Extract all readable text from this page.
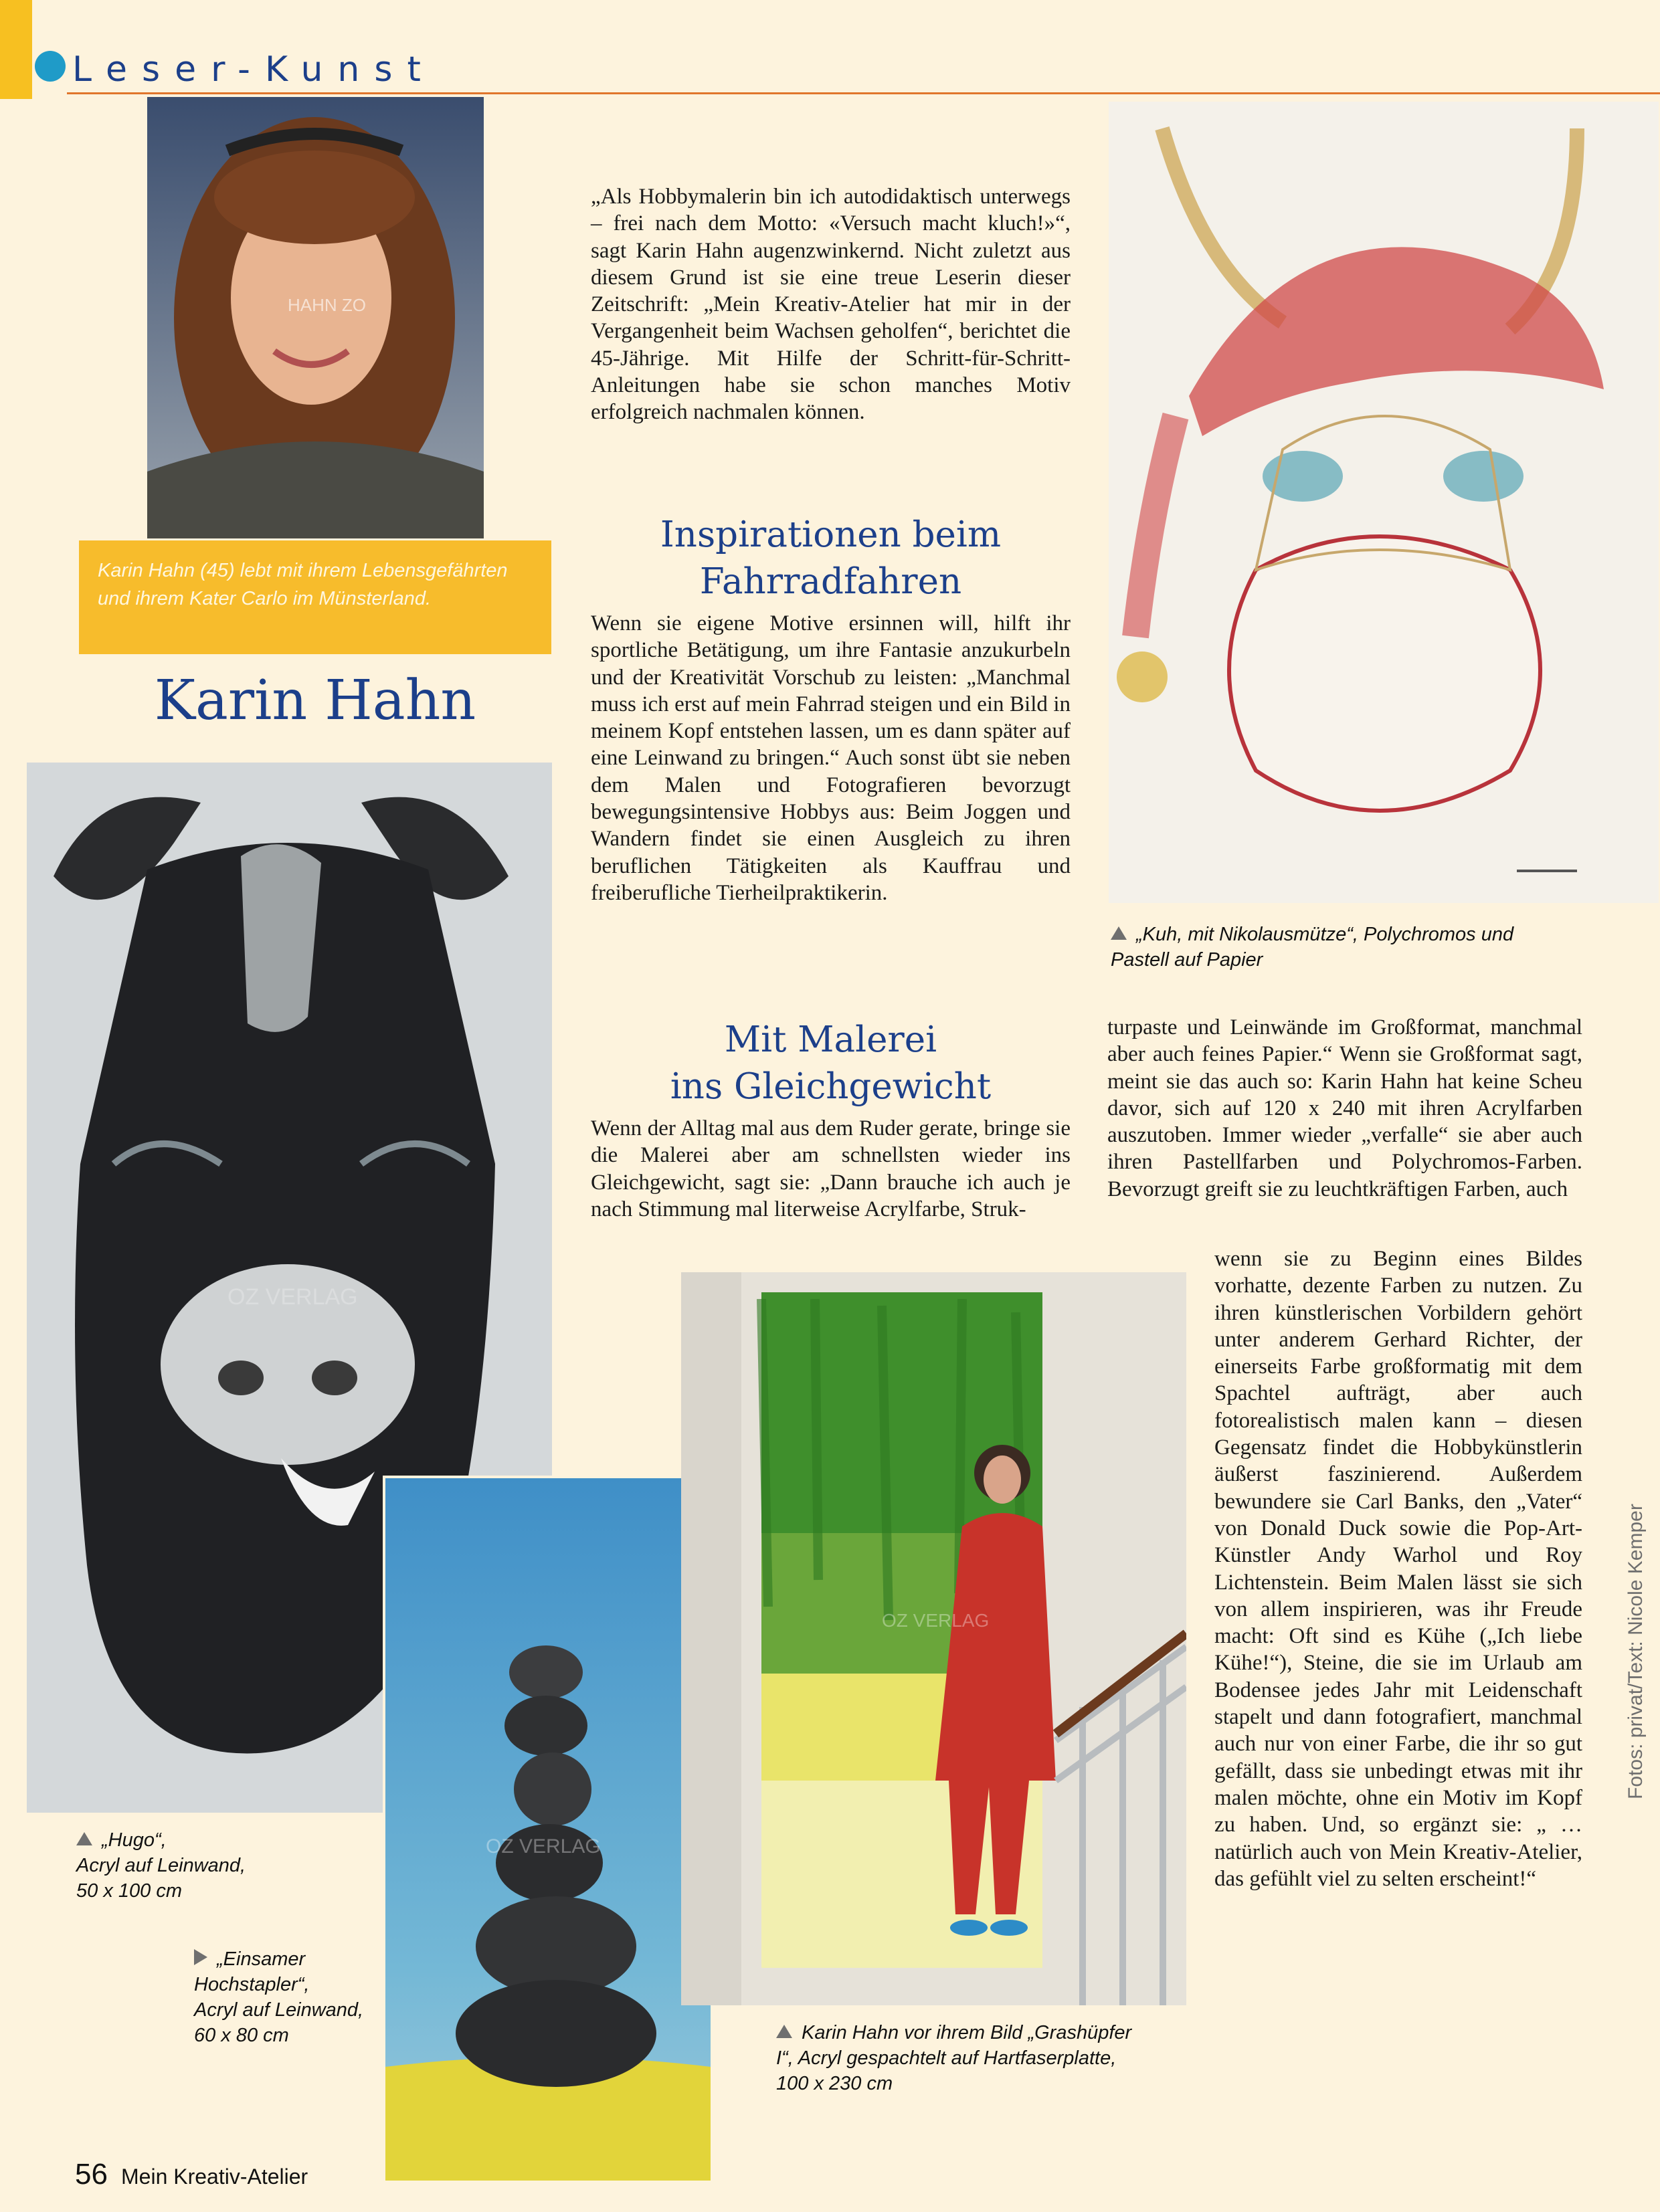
Leser-Kunst
HAHN ZO
Karin Hahn (45) lebt mit ihrem Lebensgefährten und ihrem Kater Carlo im Münsterland.
Karin Hahn

„Als Hobbymalerin bin ich autodidaktisch unterwegs – frei nach dem Motto: «Versuch macht kluch!»“, sagt Karin Hahn augenzwinkernd. Nicht zuletzt aus diesem Grund ist sie eine treue Leserin dieser Zeitschrift: „Mein Kreativ-Atelier hat mir in der Vergangenheit beim Wachsen geholfen“, berichtet die 45-Jährige. Mit Hilfe der Schritt-für-Schritt-Anleitungen habe sie schon manches Motiv erfolgreich nachmalen können.

Inspirationen beim
Fahrradfahren

Wenn sie eigene Motive ersinnen will, hilft ihr sportliche Betätigung, um ihre Fantasie anzukurbeln und der Kreativität Vorschub zu leisten: „Manchmal muss ich erst auf mein Fahrrad steigen und ein Bild in meinem Kopf entstehen lassen, um es dann später auf eine Leinwand zu bringen.“ Auch sonst übt sie neben dem Malen und Fotografieren bevorzugt bewegungsintensive Hobbys aus: Beim Joggen und Wandern findet sie einen Ausgleich zu ihren beruflichen Tätigkeiten als Kauffrau und freiberufliche Tierheilpraktikerin.

Mit Malerei
ins Gleichgewicht

Wenn der Alltag mal aus dem Ruder gerate, bringe sie die Malerei aber am schnellsten wieder ins Gleichgewicht, sagt sie: „Dann brauche ich auch je nach Stimmung mal literweise Acrylfarbe, Struk-

turpaste und Leinwände im Großformat, manchmal aber auch feines Papier.“ Wenn sie Großformat sagt, meint sie das auch so: Karin Hahn hat keine Scheu davor, sich auf 120 x 240 mit ihren Acrylfarben auszutoben. Immer wieder „verfalle“ sie aber auch ihren Pastellfarben und Polychromos-Farben. Bevorzugt greift sie zu leuchtkräftigen Farben, auch

wenn sie zu Beginn eines Bildes vorhatte, dezente Farben zu nutzen. Zu ihren künstlerischen Vorbildern gehört unter anderem Gerhard Richter, der einerseits Farbe großformatig mit dem Spachtel aufträgt, aber auch fotorealistisch malen kann – diesen Gegensatz findet die Hobbykünstlerin äußerst faszinierend. Außerdem bewundere sie Carl Banks, den „Vater“ von Donald Duck sowie die Pop-Art-Künstler Andy Warhol und Roy Lichtenstein. Beim Malen lässt sie sich von allem inspirieren, was ihr Freude macht: Oft sind es Kühe („Ich liebe Kühe!“), Steine, die sie im Urlaub am Bodensee jedes Jahr mit Leidenschaft stapelt und dann fotografiert, manchmal auch nur von einer Farbe, die ihr so gut gefällt, dass sie unbedingt etwas mit ihr malen möchte, ohne ein Motiv im Kopf zu haben. Und, so ergänzt sie: „ … natürlich auch von Mein Kreativ-Atelier, das gefühlt viel zu selten erscheint!“

„Kuh, mit Nikolausmütze“, Polychromos und Pastell auf Papier
OZ VERLAG
„Hugo“,
Acryl auf Leinwand,
50 x 100 cm
OZ VERLAG
„Einsamer
Hochstapler“,
Acryl auf Leinwand,
60 x 80 cm
OZ VERLAG
Karin Hahn vor ihrem Bild „Grashüpfer I“, Acryl gespachtelt auf Hartfaserplatte, 100 x 230 cm
Fotos: privat/Text: Nicole Kemper
56 Mein Kreativ-Atelier
